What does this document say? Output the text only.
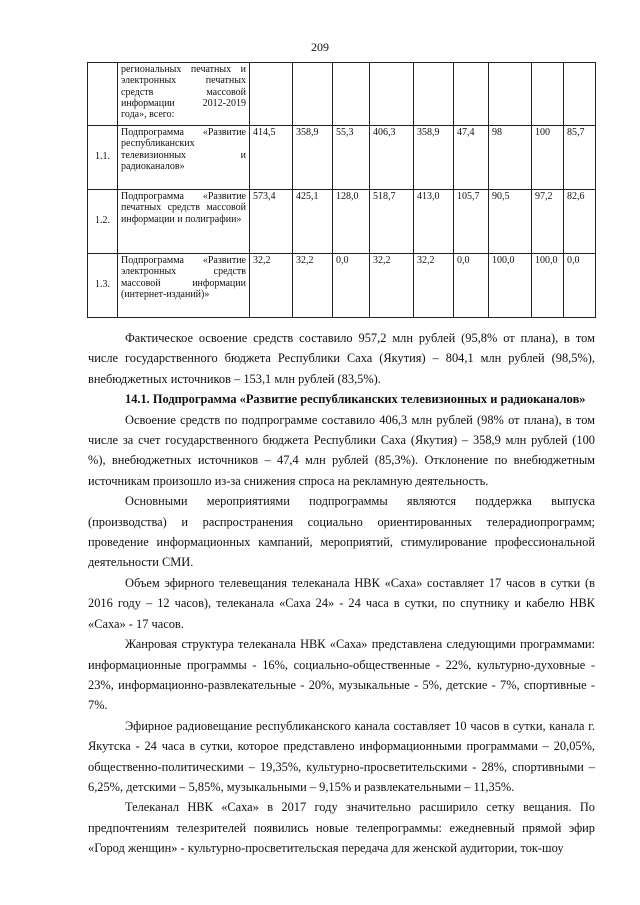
209
	региональных печатных и электронных печатных средств массовой информации 2012-2019 года», всего:									
1.1.	Подпрограмма «Развитие республиканских телевизионных и радиоканалов»	414,5	358,9	55,3	406,3	358,9	47,4	98	100	85,7
1.2.	Подпрограмма «Развитие печатных средств массовой информации и полиграфии»	573,4	425,1	128,0	518,7	413,0	105,7	90,5	97,2	82,6
1.3.	Подпрограмма «Развитие электронных средств массовой информации (интернет-изданий)»	32,2	32,2	0,0	32,2	32,2	0,0	100,0	100,0	0,0

Фактическое освоение средств составило 957,2 млн рублей (95,8% от плана), в том числе государственного бюджета Республики Саха (Якутия) – 804,1 млн рублей (98,5%), внебюджетных источников – 153,1 млн рублей (83,5%).

14.1. Подпрограмма «Развитие республиканских телевизионных и радиоканалов»

Освоение средств по подпрограмме составило 406,3 млн рублей (98% от плана), в том числе за счет государственного бюджета Республики Саха (Якутия) – 358,9 млн рублей (100 %), внебюджетных источников – 47,4 млн рублей (85,3%). Отклонение по внебюджетным источникам произошло из-за снижения спроса на рекламную деятельность.

Основными мероприятиями подпрограммы являются поддержка выпуска (производства) и распространения социально ориентированных телерадиопрограмм; проведение информационных кампаний, мероприятий, стимулирование профессиональной деятельности СМИ.

Объем эфирного телевещания телеканала НВК «Саха» составляет 17 часов в сутки (в 2016 году – 12 часов), телеканала «Саха 24» - 24 часа в сутки, по спутнику и кабелю НВК «Саха» - 17 часов.

Жанровая структура телеканала НВК «Саха» представлена следующими программами: информационные программы - 16%, социально-общественные - 22%, культурно-духовные - 23%, информационно-развлекательные - 20%, музыкальные - 5%, детские - 7%, спортивные - 7%.

Эфирное радиовещание республиканского канала составляет 10 часов в сутки, канала г. Якутска - 24 часа в сутки, которое представлено информационными программами – 20,05%, общественно-политическими – 19,35%, культурно-просветительскими - 28%, спортивными – 6,25%, детскими – 5,85%, музыкальными – 9,15% и развлекательными – 11,35%.

Телеканал НВК «Саха» в 2017 году значительно расширило сетку вещания. По предпочтениям телезрителей появились новые телепрограммы: ежедневный прямой эфир «Город женщин» - культурно-просветительская передача для женской аудитории, ток-шоу
